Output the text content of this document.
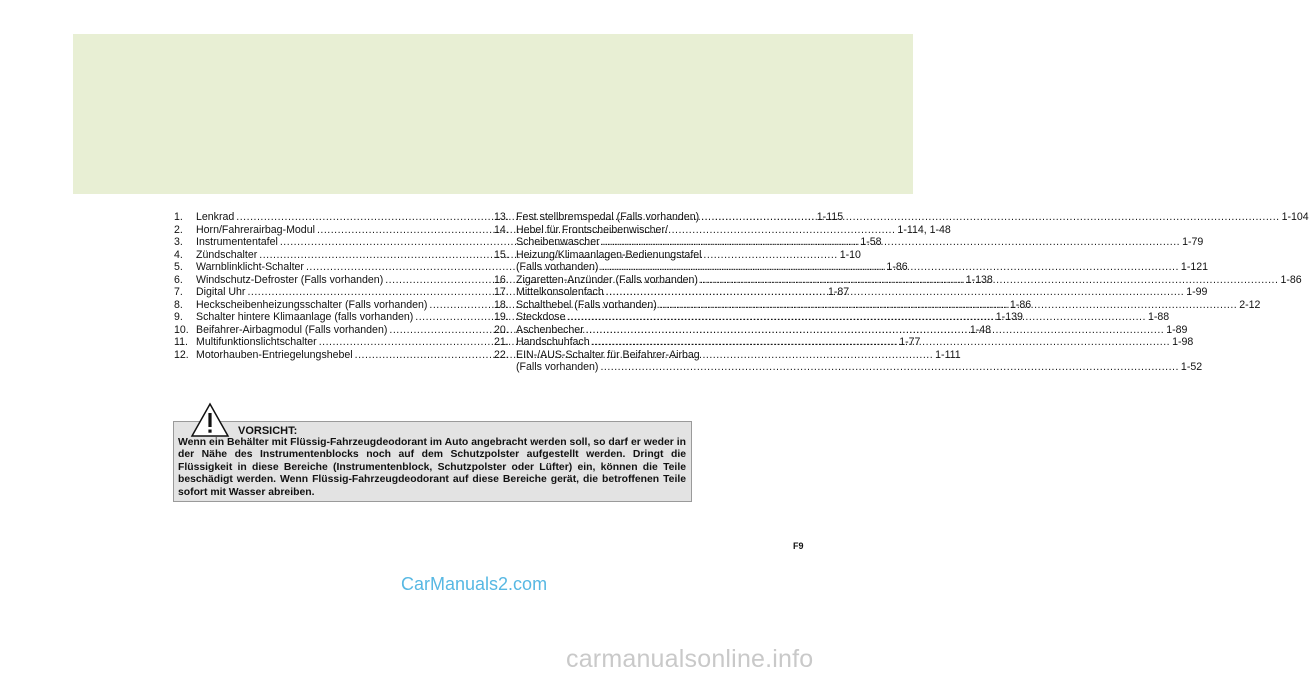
1.	Lenkrad .....	1-115
2.	Horn/Fahrerairbag-Modul .....	1-114, 1-48
3.	Instrumententafel .....	1-58
4.	Zündschalter .....	1-10
5.	Warnblinklicht-Schalter .....	1-86
6.	Windschutz-Defroster (Falls vorhanden) .....	1-138
7.	Digital Uhr .....	1-87
8.	Heckscheibenheizungsschalter (Falls vorhanden) .....	1-86
9.	Schalter hintere Klimaanlage (falls vorhanden) .....	1-139
10. Beifahrer-Airbagmodul (Falls vorhanden) .....	1-48
11. Multifunktionslichtschalter .....	1-77
12. Motorhauben-Entriegelungshebel .....	1-111
13. Fest stellbremspedal (Falls vorhanden) .....	1-104
14. Hebel für Frontscheibenwischer/
Scheibenwascher .....	1-79
15. Heizung/Klimaanlagen-Bedienungstafel
(Falls vorhanden) .....	1-121
16. Zigaretten-Anzünder (Falls vorhanden) .....	1-86
17. Mittelkonsolenfach .....	1-99
18. Schalthebel (Falls vorhanden) .....	2-12
19. Steckdose .....	1-88
20. Aschenbecher .....	1-89
21. Handschuhfach .....	1-98
22. EIN-/AUS-Schalter für Beifahrer-Airbag
(Falls vorhanden) .....	1-52
VORSICHT:
Wenn ein Behälter mit Flüssig-Fahrzeugdeodorant im Auto angebracht werden soll, so darf er weder in der Nähe des Instrumentenblocks noch auf dem Schutzpolster aufgestellt werden. Dringt die Flüssigkeit in diese Bereiche (Instrumentenblock, Schutzpolster oder Lüfter) ein, können die Teile beschädigt werden. Wenn Flüssig-Fahrzeugdeodorant auf diese Bereiche gerät, die betroffenen Teile sofort mit Wasser abreiben.
F9
CarManuals2.com
carmanualsonline.info
